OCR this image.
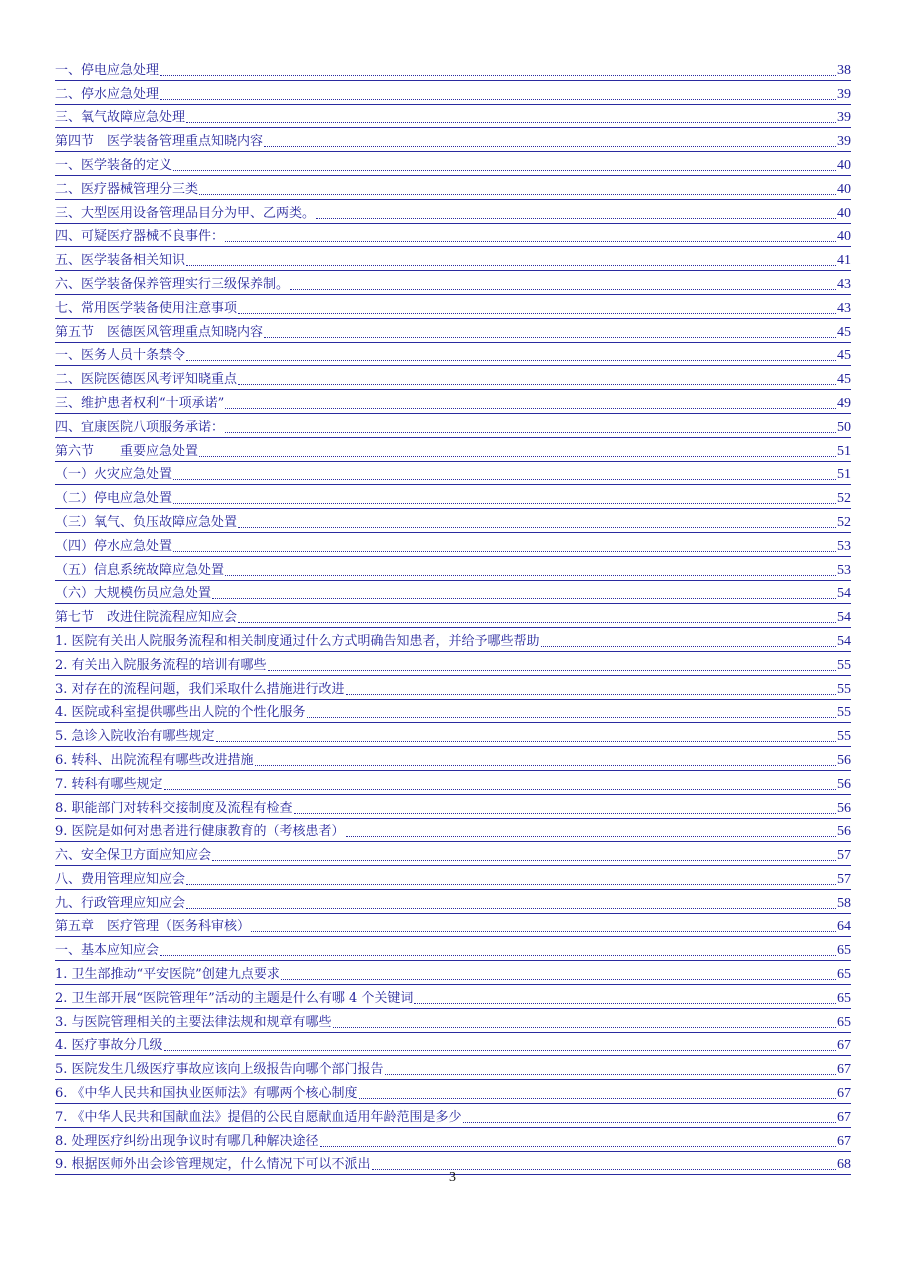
一、停电应急处理	38
二、停水应急处理	39
三、氧气故障应急处理	39
第四节　医学装备管理重点知晓内容	39
一、医学装备的定义	40
二、医疗器械管理分三类	40
三、大型医用设备管理品目分为甲、乙两类。	40
四、可疑医疗器械不良事件：	40
五、医学装备相关知识	41
六、医学装备保养管理实行三级保养制。	43
七、常用医学装备使用注意事项	43
第五节　医德医风管理重点知晓内容	45
一、医务人员十条禁令	45
二、医院医德医风考评知晓重点	45
三、维护患者权利“十项承诺”	49
四、宜康医院八项服务承诺：	50
第六节　　重要应急处置	51
（一）火灾应急处置	51
（二）停电应急处置	52
（三）氧气、负压故障应急处置	52
（四）停水应急处置	53
（五）信息系统故障应急处置	53
（六）大规模伤员应急处置	54
第七节　改进住院流程应知应会	54
1. 医院有关出人院服务流程和相关制度通过什么方式明确告知患者，并给予哪些帮助	54
2. 有关出入院服务流程的培训有哪些	55
3. 对存在的流程问题，我们采取什么措施进行改进	55
4. 医院或科室提供哪些出人院的个性化服务	55
5. 急诊入院收治有哪些规定	55
6. 转科、出院流程有哪些改进措施	56
7. 转科有哪些规定	56
8. 职能部门对转科交接制度及流程有检查	56
9. 医院是如何对患者进行健康教育的（考核患者）	56
六、安全保卫方面应知应会	57
八、费用管理应知应会	57
九、行政管理应知应会	58
第五章　医疗管理（医务科审核）	64
一、基本应知应会	65
1. 卫生部推动“平安医院”创建九点要求	65
2. 卫生部开展“医院管理年”活动的主题是什么有哪 4 个关键词	65
3. 与医院管理相关的主要法律法规和规章有哪些	65
4. 医疗事故分几级	67
5. 医院发生几级医疗事故应该向上级报告向哪个部门报告	67
6. 《中华人民共和国执业医师法》有哪两个核心制度	67
7. 《中华人民共和国献血法》提倡的公民自愿献血适用年龄范围是多少	67
8. 处理医疗纠纷出现争议时有哪几种解决途径	67
9. 根据医师外出会诊管理规定，什么情况下可以不派出	68
3
